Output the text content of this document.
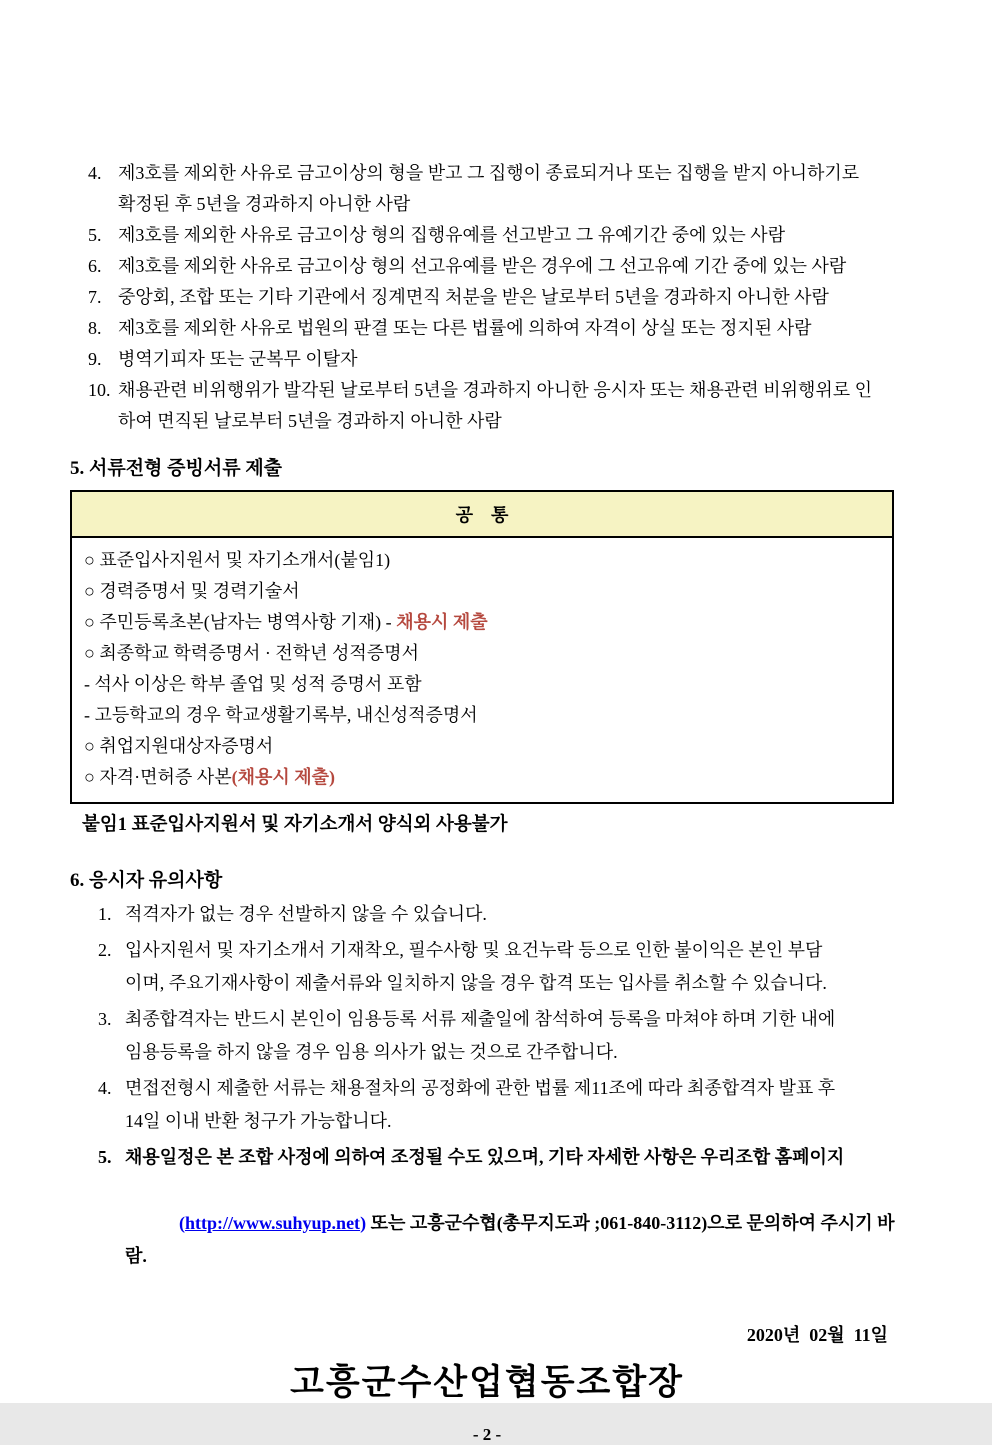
4. 제3호를 제외한 사유로 금고이상의 형을 받고 그 집행이 종료되거나 또는 집행을 받지 아니하기로
확정된 후 5년을 경과하지 아니한 사람
5. 제3호를 제외한 사유로 금고이상 형의 집행유예를 선고받고 그 유예기간 중에 있는 사람
6. 제3호를 제외한 사유로 금고이상 형의 선고유예를 받은 경우에 그 선고유예 기간 중에 있는 사람
7. 중앙회, 조합 또는 기타 기관에서 징계면직 처분을 받은 날로부터 5년을 경과하지 아니한 사람
8. 제3호를 제외한 사유로 법원의 판결 또는 다른 법률에 의하여 자격이 상실 또는 정지된 사람
9. 병역기피자 또는 군복무 이탈자
10. 채용관련 비위행위가 발각된 날로부터 5년을 경과하지 아니한 응시자 또는 채용관련 비위행위로 인
하여 면직된 날로부터 5년을 경과하지 아니한 사람
5. 서류전형 증빙서류 제출
공    통
○ 표준입사지원서 및 자기소개서(붙임1)
○ 경력증명서 및 경력기술서
○ 주민등록초본(남자는 병역사항 기재) - 채용시 제출
○ 최종학교 학력증명서 · 전학년 성적증명서
- 석사 이상은 학부 졸업 및 성적 증명서 포함
- 고등학교의 경우 학교생활기록부, 내신성적증명서
○ 취업지원대상자증명서
○ 자격·면허증 사본(채용시 제출)
붙임1 표준입사지원서 및 자기소개서 양식외 사용불가
6. 응시자 유의사항
1. 적격자가 없는 경우 선발하지 않을 수 있습니다.
2. 입사지원서 및 자기소개서 기재착오, 필수사항 및 요건누락 등으로 인한 불이익은 본인 부담
이며, 주요기재사항이 제출서류와 일치하지 않을 경우 합격 또는 입사를 취소할 수 있습니다.
3. 최종합격자는 반드시 본인이 임용등록 서류 제출일에 참석하여 등록을 마쳐야 하며 기한 내에
임용등록을 하지 않을 경우 임용 의사가 없는 것으로 간주합니다.
4. 면접전형시 제출한 서류는 채용절차의 공정화에 관한 법률 제11조에 따라 최종합격자 발표 후
14일 이내 반환 청구가 가능합니다.
5. 채용일정은 본 조합 사정에 의하여 조정될 수도 있으며, 기타 자세한 사항은 우리조합 홈페이지

(http://www.suhyup.net) 또는 고흥군수협(총무지도과 ;061-840-3112)으로 문의하여 주시기 바람.

2020년  02월  11일
고흥군수산업협동조합장
- 2 -
